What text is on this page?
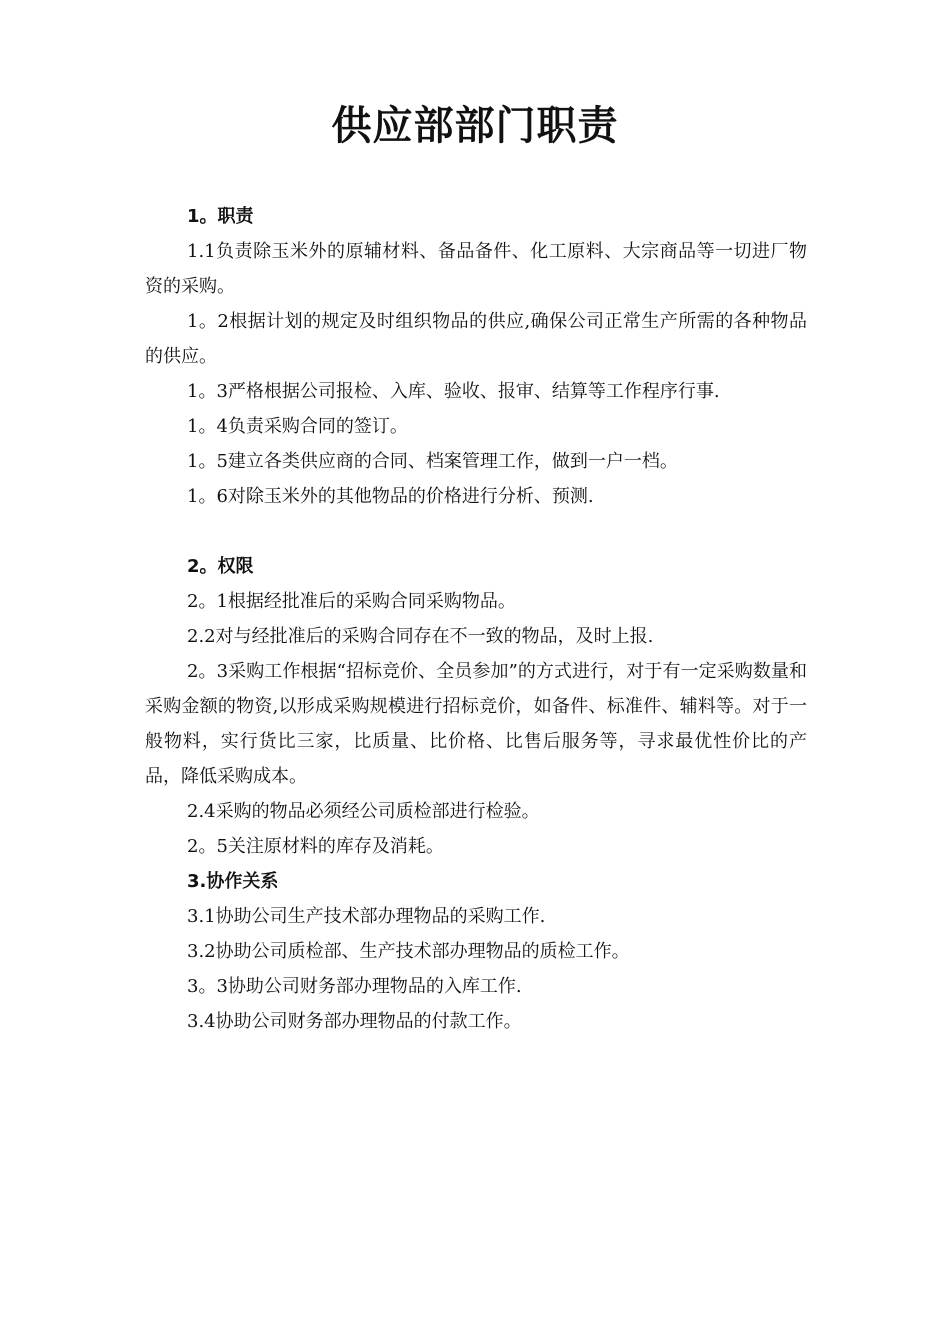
供应部部门职责

1。职责

1.1负责除玉米外的原辅材料、备品备件、化工原料、大宗商品等一切进厂物资的采购。

1。2根据计划的规定及时组织物品的供应,确保公司正常生产所需的各种物品的供应。

1。3严格根据公司报检、入库、验收、报审、结算等工作程序行事.

1。4负责采购合同的签订。

1。5建立各类供应商的合同、档案管理工作，做到一户一档。

1。6对除玉米外的其他物品的价格进行分析、预测.

2。权限

2。1根据经批准后的采购合同采购物品。

2.2对与经批准后的采购合同存在不一致的物品，及时上报.

2。3采购工作根据“招标竞价、全员参加”的方式进行，对于有一定采购数量和采购金额的物资,以形成采购规模进行招标竞价，如备件、标准件、辅料等。对于一般物料，实行货比三家，比质量、比价格、比售后服务等，寻求最优性价比的产品，降低采购成本。

2.4采购的物品必须经公司质检部进行检验。

2。5关注原材料的库存及消耗。

3.协作关系

3.1协助公司生产技术部办理物品的采购工作.

3.2协助公司质检部、生产技术部办理物品的质检工作。

3。3协助公司财务部办理物品的入库工作.

3.4协助公司财务部办理物品的付款工作。
